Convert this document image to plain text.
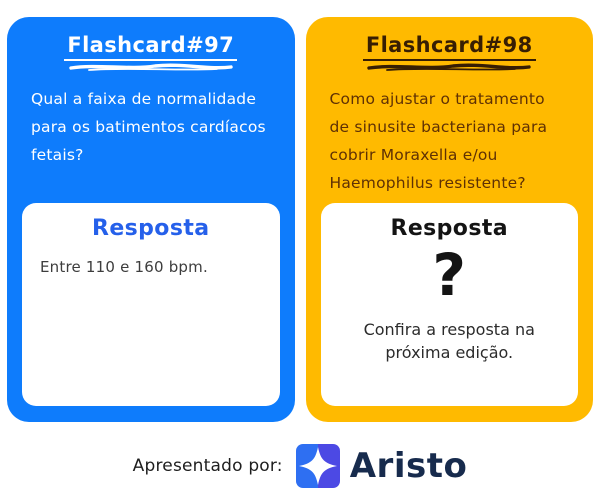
Flashcard#97
Qual a faixa de normalidade para os batimentos cardíacos fetais?
Resposta
Entre 110 e 160 bpm.
Flashcard#98
Como ajustar o tratamento de sinusite bacteriana para cobrir Moraxella e/ou Haemophilus resistente?
Resposta
?
Confira a resposta na próxima edição.
Apresentado por: Aristo
